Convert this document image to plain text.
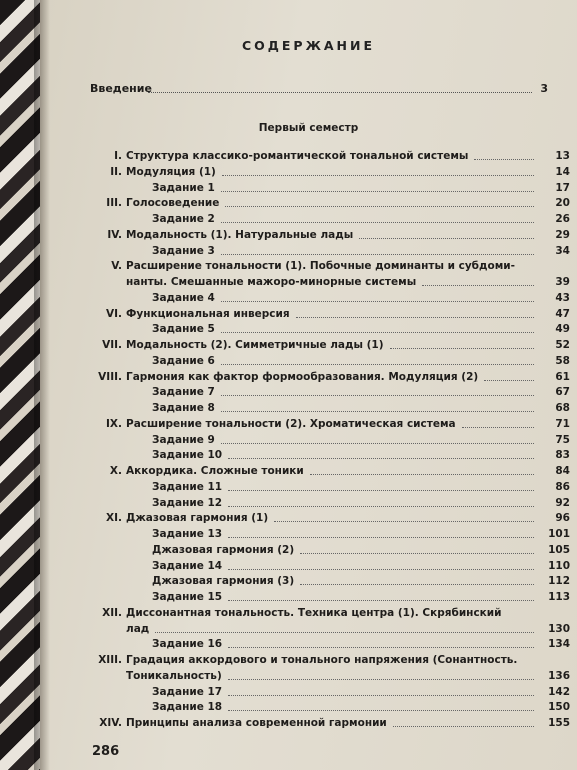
СОДЕРЖАНИЕ
Введение	3
Первый семестр
I. Структура классико-романтической тональной системы	13
II. Модуляция (1)	14
Задание 1	17
III. Голосоведение	20
Задание 2	26
IV. Модальность (1). Натуральные лады	29
Задание 3	34
V. Расширение тональности (1). Побочные доминанты и субдоми-
нанты. Смешанные мажоро-минорные системы	39
Задание 4	43
VI. Функциональная инверсия	47
Задание 5	49
VII. Модальность (2). Симметричные лады (1)	52
Задание 6	58
VIII. Гармония как фактор формообразования. Модуляция (2)	61
Задание 7	67
Задание 8	68
IX. Расширение тональности (2). Хроматическая система	71
Задание 9	75
Задание 10	83
X. Аккордика. Сложные тоники	84
Задание 11	86
Задание 12	92
XI. Джазовая гармония (1)	96
Задание 13	101
Джазовая гармония (2)	105
Задание 14	110
Джазовая гармония (3)	112
Задание 15	113
XII. Диссонантная тональность. Техника центра (1). Скрябинский
лад	130
Задание 16	134
XIII. Градация аккордового и тонального напряжения (Сонантность.
Тоникальность)	136
Задание 17	142
Задание 18	150
XIV. Принципы анализа современной гармонии	155
286
